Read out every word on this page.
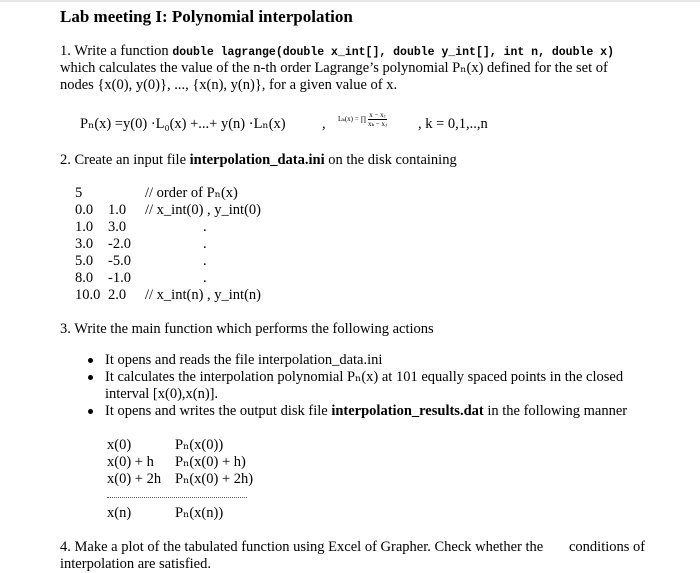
Lab meeting I: Polynomial interpolation
1. Write a function double lagrange(double x_int[], double y_int[], int n, double x)
which calculates the value of the n-th order Lagrange’s polynomial Pₙ(x) defined for the set of
nodes {x(0), y(0)}, ..., {x(n), y(n)}, for a given value of x.
Pₙ(x) =y(0) ·L₀(x) +...+ y(n) ·Lₙ(x)	, Lₖ(x) = ∏ $\frac{\text{x − xⱼ}}{\text{xₖ − xⱼ}}$ , k = 0,1,..,n
2. Create an input file interpolation_data.ini on the disk containing
5	// order of Pₙ(x)
0.0 1.0 // x_int(0) , y_int(0)
1.0 3.0	.
3.0 -2.0	.
5.0 -5.0	.
8.0 -1.0	.
10.0 2.0 // x_int(n) , y_int(n)
3. Write the main function which performs the following actions
It opens and reads the file interpolation_data.ini
It calculates the interpolation polynomial Pₙ(x) at 101 equally spaced points in the closed
interval [x(0),x(n)].
It opens and writes the output disk file interpolation_results.dat in the following manner
x(0)	Pₙ(x(0))
x(0) + h Pₙ(x(0) + h)
x(0) + 2h Pₙ(x(0) + 2h)
x(n)	Pₙ(x(n))
4. Make a plot of the tabulated function using Excel of Grapher. Check whether the conditions of
interpolation are satisfied.
